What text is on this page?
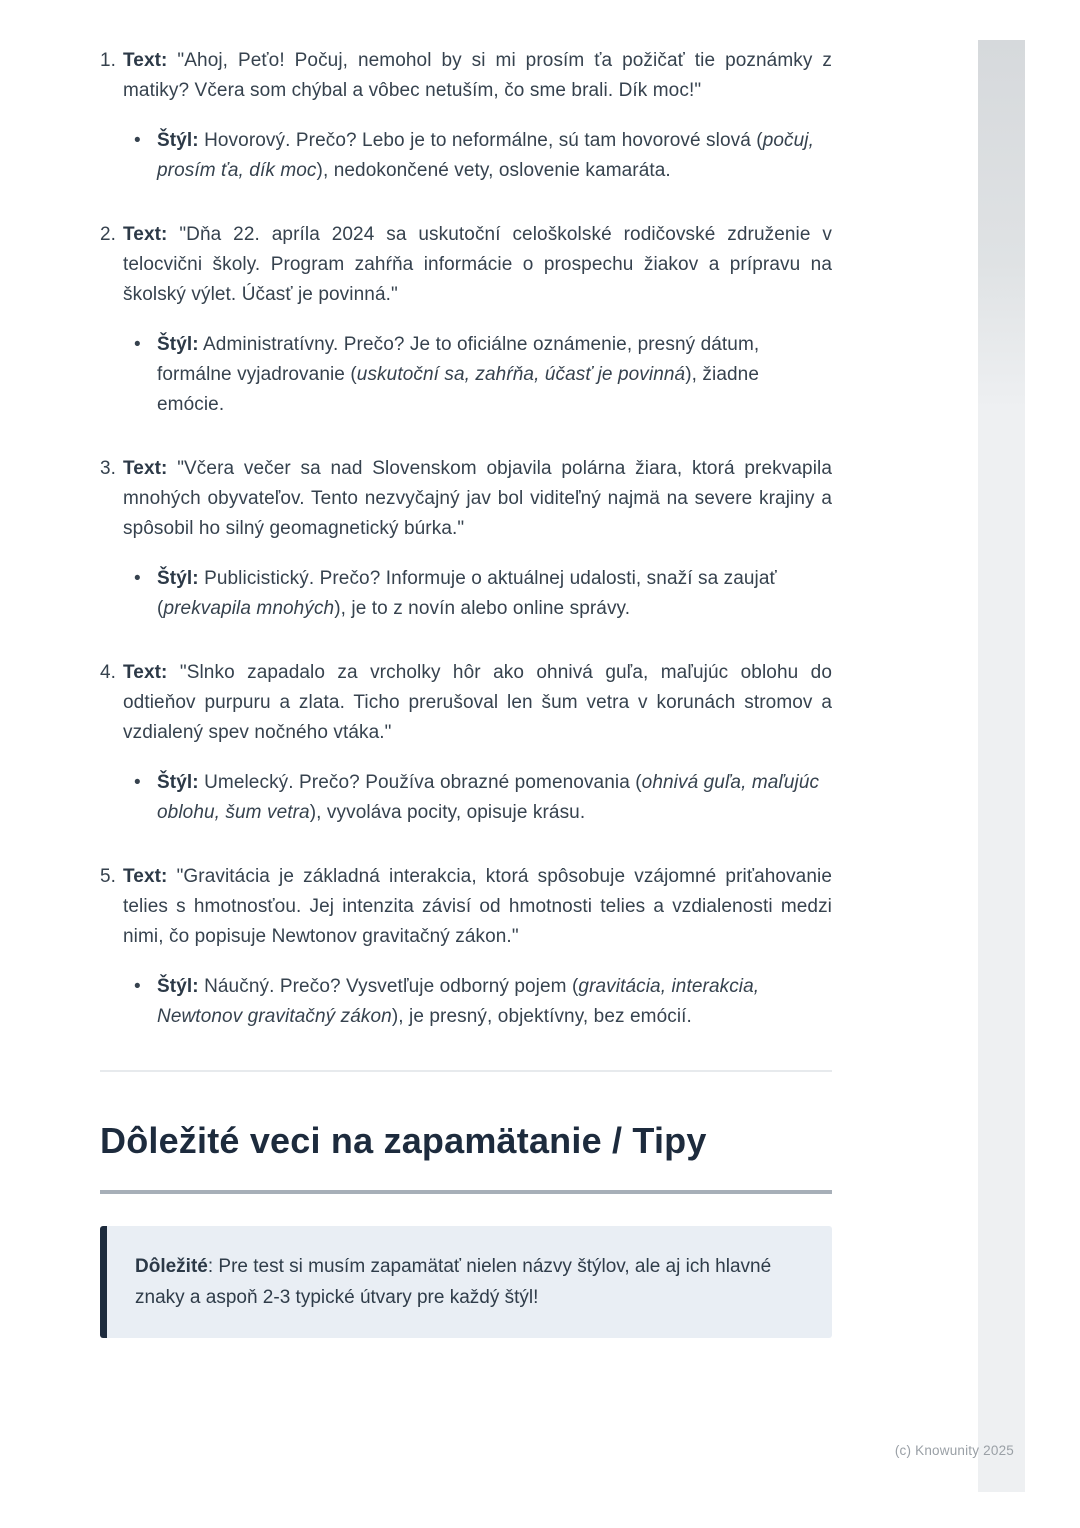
1. Text: "Ahoj, Peťo! Počuj, nemohol by si mi prosím ťa požičať tie poznámky z matiky? Včera som chýbal a vôbec netuším, čo sme brali. Dík moc!"

• Štýl: Hovorový. Prečo? Lebo je to neformálne, sú tam hovorové slová (počuj, prosím ťa, dík moc), nedokončené vety, oslovenie kamaráta.

2. Text: "Dňa 22. apríla 2024 sa uskutoční celoškolské rodičovské združenie v telocvični školy. Program zahŕňa informácie o prospechu žiakov a prípravu na školský výlet. Účasť je povinná."

• Štýl: Administratívny. Prečo? Je to oficiálne oznámenie, presný dátum, formálne vyjadrovanie (uskutoční sa, zahŕňa, účasť je povinná), žiadne emócie.

3. Text: "Včera večer sa nad Slovenskom objavila polárna žiara, ktorá prekvapila mnohých obyvateľov. Tento nezvyčajný jav bol viditeľný najmä na severe krajiny a spôsobil ho silný geomagnetický búrka."

• Štýl: Publicistický. Prečo? Informuje o aktuálnej udalosti, snaží sa zaujať (prekvapila mnohých), je to z novín alebo online správy.

4. Text: "Slnko zapadalo za vrcholky hôr ako ohnivá guľa, maľujúc oblohu do odtieňov purpuru a zlata. Ticho prerušoval len šum vetra v korunách stromov a vzdialený spev nočného vtáka."

• Štýl: Umelecký. Prečo? Používa obrazné pomenovania (ohnivá guľa, maľujúc oblohu, šum vetra), vyvoláva pocity, opisuje krásu.

5. Text: "Gravitácia je základná interakcia, ktorá spôsobuje vzájomné priťahovanie telies s hmotnosťou. Jej intenzita závisí od hmotnosti telies a vzdialenosti medzi nimi, čo popisuje Newtonov gravitačný zákon."

• Štýl: Náučný. Prečo? Vysvetľuje odborný pojem (gravitácia, interakcia, Newtonov gravitačný zákon), je presný, objektívny, bez emócií.

Dôležité veci na zapamätanie / Tipy

Dôležité: Pre test si musím zapamätať nielen názvy štýlov, ale aj ich hlavné znaky a aspoň 2-3 typické útvary pre každý štýl!

(c) Knowunity 2025
